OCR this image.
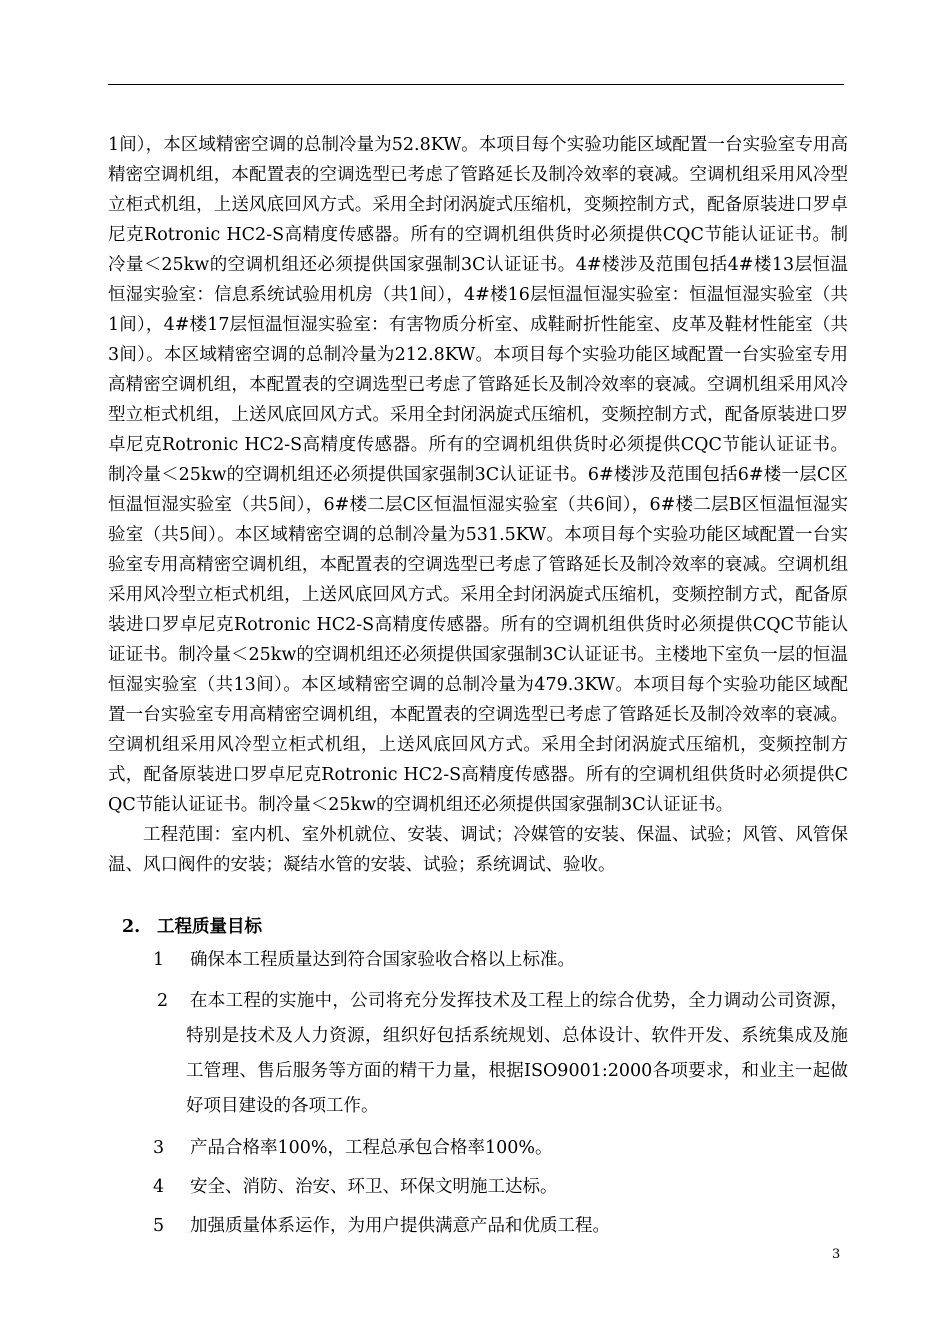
1间），本区域精密空调的总制冷量为52.8KW。本项目每个实验功能区域配置一台实验室专用高精密空调机组，本配置表的空调选型已考虑了管路延长及制冷效率的衰减。空调机组采用风冷型立柜式机组，上送风底回风方式。采用全封闭涡旋式压缩机，变频控制方式，配备原装进口罗卓尼克Rotronic HC2-S高精度传感器。所有的空调机组供货时必须提供CQC节能认证证书。制冷量＜25kw的空调机组还必须提供国家强制3C认证证书。4#楼涉及范围包括4#楼13层恒温恒湿实验室：信息系统试验用机房（共1间），4#楼16层恒温恒湿实验室：恒温恒湿实验室（共1间），4#楼17层恒温恒湿实验室：有害物质分析室、成鞋耐折性能室、皮革及鞋材性能室（共3间）。本区域精密空调的总制冷量为212.8KW。本项目每个实验功能区域配置一台实验室专用高精密空调机组，本配置表的空调选型已考虑了管路延长及制冷效率的衰减。空调机组采用风冷型立柜式机组，上送风底回风方式。采用全封闭涡旋式压缩机，变频控制方式，配备原装进口罗卓尼克Rotronic HC2-S高精度传感器。所有的空调机组供货时必须提供CQC节能认证证书。制冷量＜25kw的空调机组还必须提供国家强制3C认证证书。6#楼涉及范围包括6#楼一层C区恒温恒湿实验室（共5间），6#楼二层C区恒温恒湿实验室（共6间），6#楼二层B区恒温恒湿实验室（共5间）。本区域精密空调的总制冷量为531.5KW。本项目每个实验功能区域配置一台实验室专用高精密空调机组，本配置表的空调选型已考虑了管路延长及制冷效率的衰减。空调机组采用风冷型立柜式机组，上送风底回风方式。采用全封闭涡旋式压缩机，变频控制方式，配备原装进口罗卓尼克Rotronic HC2-S高精度传感器。所有的空调机组供货时必须提供CQC节能认证证书。制冷量＜25kw的空调机组还必须提供国家强制3C认证证书。主楼地下室负一层的恒温恒湿实验室（共13间）。本区域精密空调的总制冷量为479.3KW。本项目每个实验功能区域配置一台实验室专用高精密空调机组，本配置表的空调选型已考虑了管路延长及制冷效率的衰减。空调机组采用风冷型立柜式机组，上送风底回风方式。采用全封闭涡旋式压缩机，变频控制方式，配备原装进口罗卓尼克Rotronic HC2-S高精度传感器。所有的空调机组供货时必须提供CQC节能认证证书。制冷量＜25kw的空调机组还必须提供国家强制3C认证证书。

工程范围：室内机、室外机就位、安装、调试；冷媒管的安装、保温、试验；风管、风管保温、风口阀件的安装；凝结水管的安装、试验；系统调试、验收。

2. 工程质量目标
1 确保本工程质量达到符合国家验收合格以上标准。
2 在本工程的实施中，公司将充分发挥技术及工程上的综合优势，全力调动公司资源，特别是技术及人力资源，组织好包括系统规划、总体设计、软件开发、系统集成及施工管理、售后服务等方面的精干力量，根据ISO9001:2000各项要求，和业主一起做好项目建设的各项工作。
3 产品合格率100%，工程总承包合格率100%。
4 安全、消防、治安、环卫、环保文明施工达标。
5 加强质量体系运作，为用户提供满意产品和优质工程。
3
